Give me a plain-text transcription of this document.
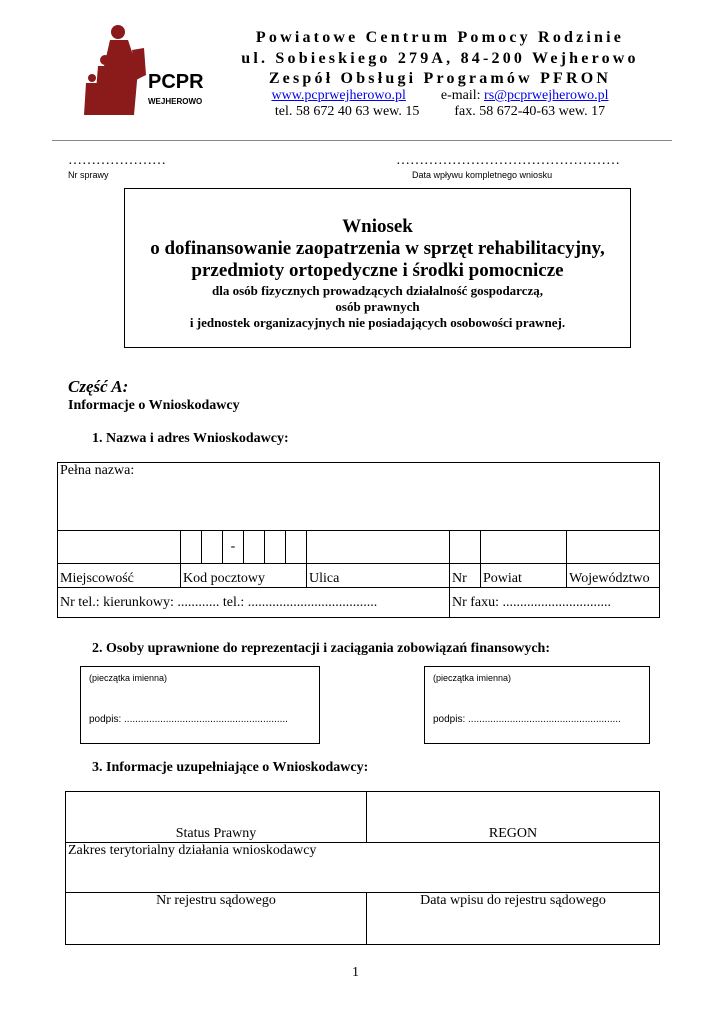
PCPR
WEJHEROWO
Powiatowe Centrum Pomocy Rodzinie
ul. Sobieskiego 279A, 84-200 Wejherowo
Zespół Obsługi Programów PFRON
www.pcprwejherowo.pl	e-mail: rs@pcprwejherowo.pl
tel. 58 672 40 63 wew. 15	fax. 58 672-40-63 wew. 17
…………………
Nr sprawy
…………………………………………
Data wpływu kompletnego wniosku
Wniosek
o dofinansowanie zaopatrzenia w sprzęt rehabilitacyjny,
przedmioty ortopedyczne i środki pomocnicze
dla osób fizycznych prowadzących działalność gospodarczą,
osób prawnych
i jednostek organizacyjnych nie posiadających osobowości prawnej.
Część A:
Informacje o Wnioskodawcy
1. Nazwa i adres Wnioskodawcy:
Pełna nazwa:										
			-							
Miejscowość	Kod pocztowy						Ulica	Nr	Powiat	Województwo
Nr tel.: kierunkowy: ............ tel.: .....................................								Nr faxu: ...............................		
2. Osoby uprawnione do reprezentacji i zaciągania zobowiązań finansowych:
(pieczątka imienna)
podpis: ...........................................................
(pieczątka imienna)
podpis: .......................................................
3. Informacje uzupełniające o Wnioskodawcy:
Status Prawny	REGON
Zakres terytorialny działania wnioskodawcy	
Nr rejestru sądowego	Data wpisu do rejestru sądowego
1
